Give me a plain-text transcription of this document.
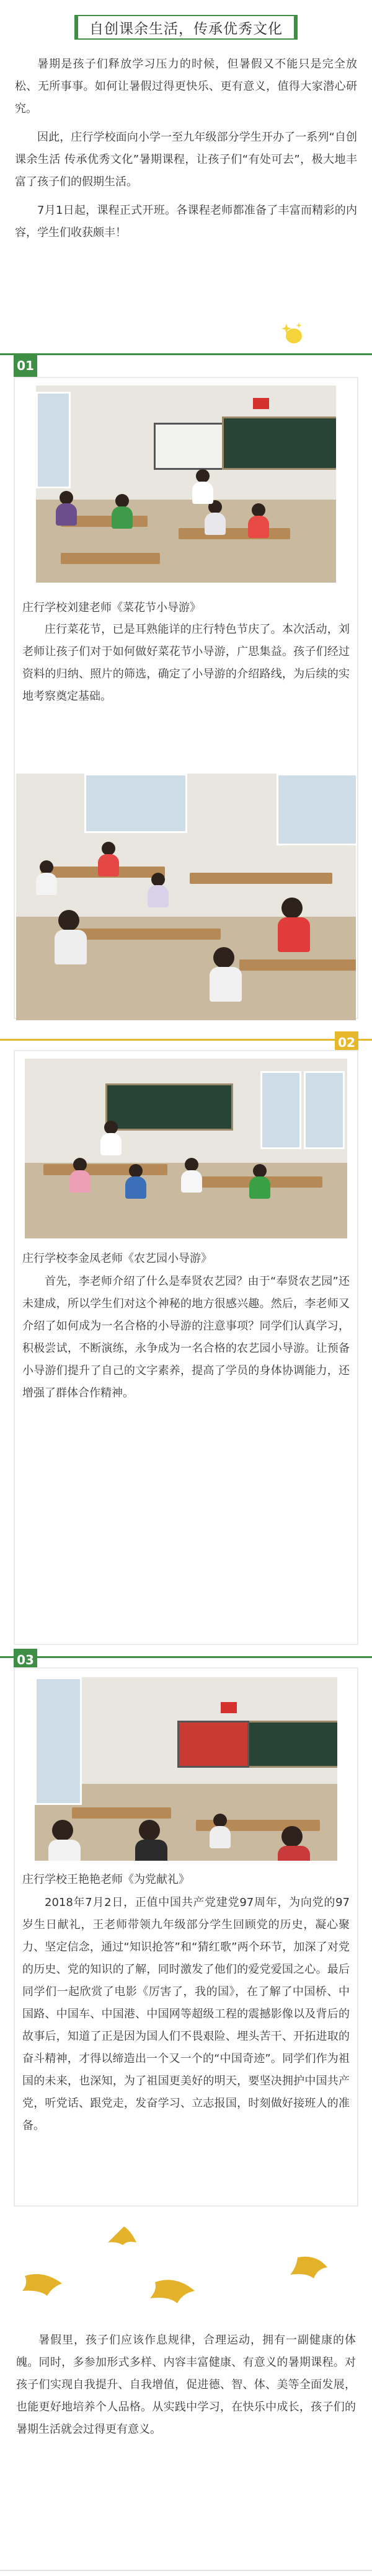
自创课余生活，传承优秀文化

暑期是孩子们释放学习压力的时候，但暑假又不能只是完全放松、无所事事。如何让暑假过得更快乐、更有意义，值得大家潜心研究。

因此，庄行学校面向小学一至九年级部分学生开办了一系列“自创课余生活 传承优秀文化”暑期课程，让孩子们“有处可去”，极大地丰富了孩子们的假期生活。

7月1日起，课程正式开班。各课程老师都准备了丰富而精彩的内容，学生们收获颇丰！

01
庄行学校刘建老师《菜花节小导游》
庄行菜花节，已是耳熟能详的庄行特色节庆了。本次活动，刘老师让孩子们对于如何做好菜花节小导游，广思集益。孩子们经过资料的归纳、照片的筛选，确定了小导游的介绍路线，为后续的实地考察奠定基础。
02
庄行学校李金凤老师《农艺园小导游》
首先，李老师介绍了什么是奉贤农艺园？由于“奉贤农艺园”还未建成，所以学生们对这个神秘的地方很感兴趣。然后，李老师又介绍了如何成为一名合格的小导游的注意事项？同学们认真学习，积极尝试，不断演练，永争成为一名合格的农艺园小导游。让预备小导游们提升了自己的文字素养，提高了学员的身体协调能力，还增强了群体合作精神。
03
庄行学校王艳艳老师《为党献礼》
2018年7月2日，正值中国共产党建党97周年，为向党的97岁生日献礼，王老师带领九年级部分学生回顾党的历史，凝心聚力、坚定信念，通过“知识抢答”和“猜红歌”两个环节，加深了对党的历史、党的知识的了解，同时激发了他们的爱党爱国之心。最后同学们一起欣赏了电影《厉害了，我的国》，在了解了中国桥、中国路、中国车、中国港、中国网等超级工程的震撼影像以及背后的故事后，知道了正是因为国人们不畏艰险、埋头苦干、开拓进取的奋斗精神，才得以缔造出一个又一个的“中国奇迹”。同学们作为祖国的未来，也深知，为了祖国更美好的明天，要坚决拥护中国共产党，听党话、跟党走，发奋学习、立志报国，时刻做好接班人的准备。
暑假里，孩子们应该作息规律，合理运动，拥有一副健康的体魄。同时，多参加形式多样、内容丰富健康、有意义的暑期课程。对孩子们实现自我提升、自我增值，促进德、智、体、美等全面发展，也能更好地培养个人品格。从实践中学习，在快乐中成长，孩子们的暑期生活就会过得更有意义。
